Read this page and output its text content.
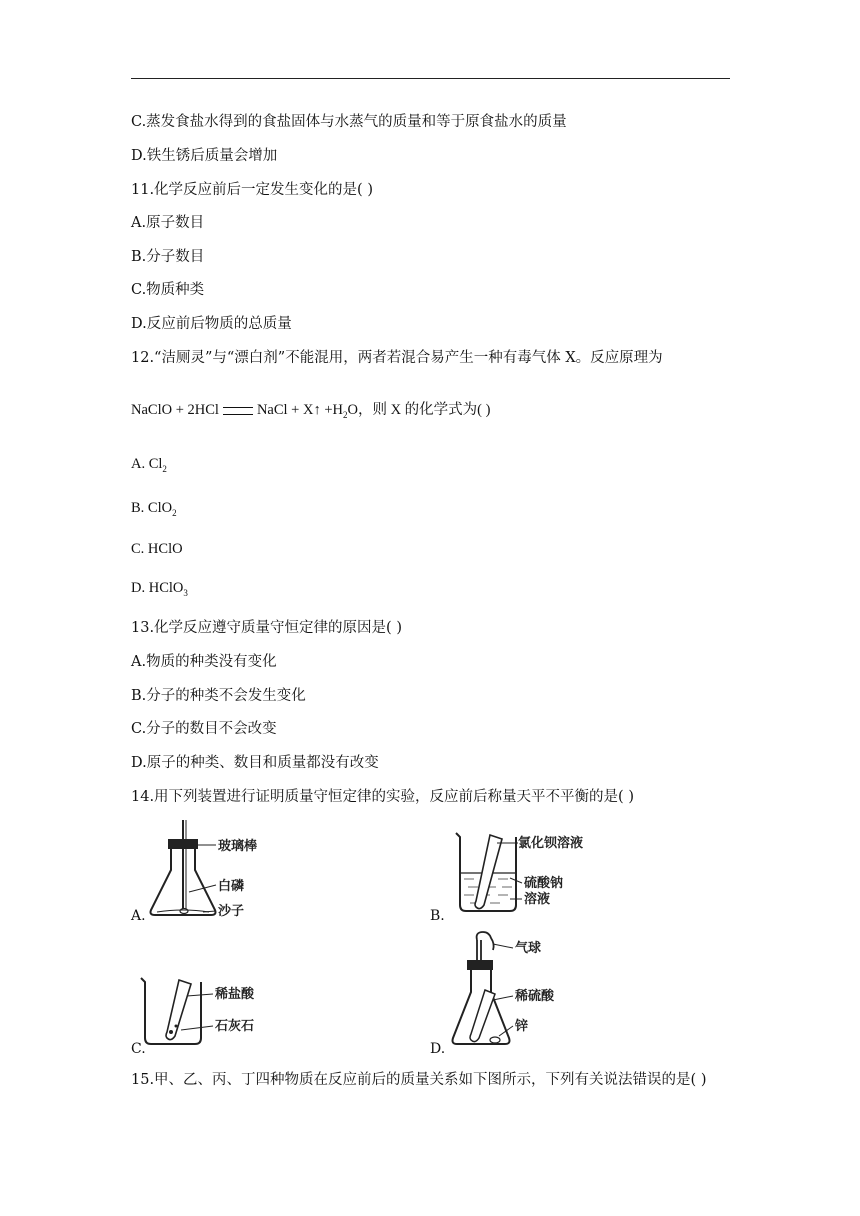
C.蒸发食盐水得到的食盐固体与水蒸气的质量和等于原食盐水的质量
D.铁生锈后质量会增加
11.化学反应前后一定发生变化的是( )
A.原子数目
B.分子数目
C.物质种类
D.反应前后物质的总质量
12.“洁厕灵”与“漂白剂”不能混用，两者若混合易产生一种有毒气体 X。反应原理为
NaClO + 2HCl	NaCl + X↑ $+H_2O$，则 X 的化学式为( )
A. $Cl_2$
B. ClO$_2$
C. HClO
D. HClO$_3$
13.化学反应遵守质量守恒定律的原因是( )
A.物质的种类没有变化
B.分子的种类不会发生变化
C.分子的数目不会改变
D.原子的种类、数目和质量都没有改变
14.用下列装置进行证明质量守恒定律的实验，反应前后称量天平不平衡的是( )
玻璃棒
白磷
沙子
A.
氯化钡溶液
硫酸钠
溶液
B.
稀盐酸
石灰石
C.
气球
稀硫酸
锌
D.
15.甲、乙、丙、丁四种物质在反应前后的质量关系如下图所示，下列有关说法错误的是( )
